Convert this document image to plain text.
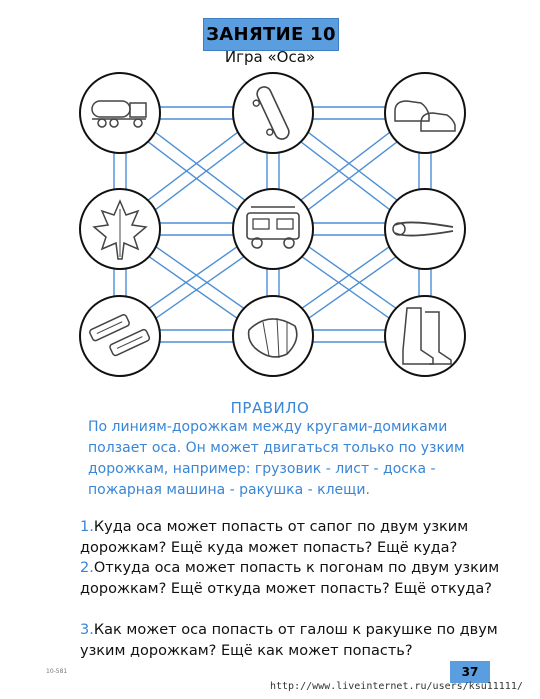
ЗАНЯТИЕ 10
Игра «Оса»
ПРАВИЛО

По линиям-дорожкам между кругами-домиками ползает оса. Он может двигаться только по узким дорожкам, например: грузовик - лист - доска - пожарная машина - ракушка - клещи.

1.Куда оса может попасть от сапог по двум узким дорожкам? Ещё куда может попасть? Ещё куда?

2.Откуда оса может попасть к погонам по двум узким дорожкам? Ещё откуда может попасть? Ещё откуда?

3.Как может оса попасть от галош к ракушке по двум узким дорожкам? Ещё как может попасть?

10-581	37
http://www.liveinternet.ru/users/ksu11111/
